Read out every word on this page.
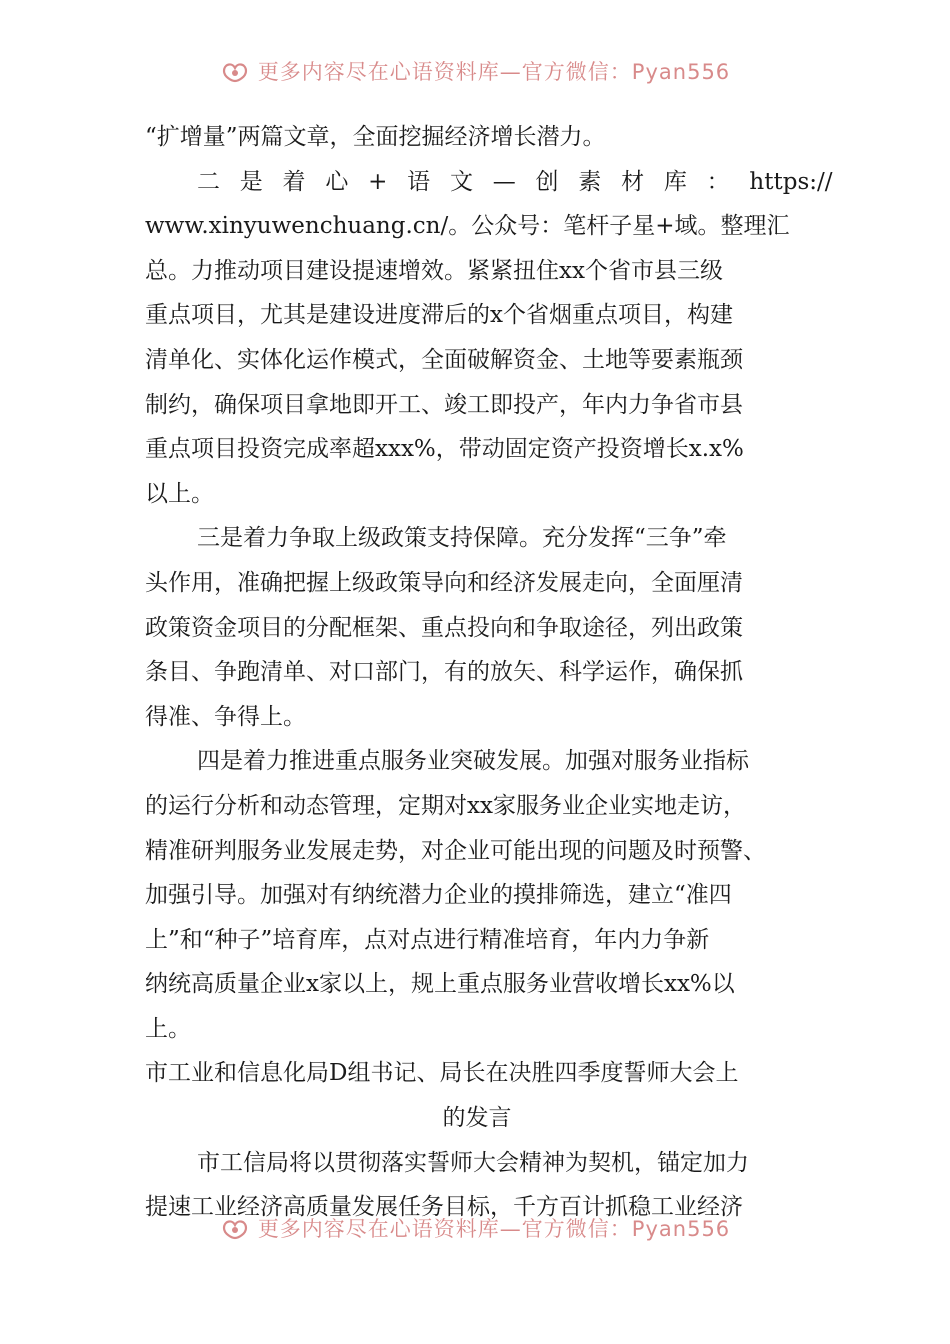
更多内容尽在心语资料库—官方微信：Pyan556
“扩增量”两篇文章，全面挖掘经济增长潜力。
二是着心+语文—创素材库： https://
www.xinyuwenchuang.cn/。公众号：笔杆子星+域。整理汇
总。力推动项目建设提速增效。紧紧扭住xx个省市县三级
重点项目，尤其是建设进度滞后的x个省烟重点项目，构建
清单化、实体化运作模式，全面破解资金、土地等要素瓶颈
制约，确保项目拿地即开工、竣工即投产，年内力争省市县
重点项目投资完成率超xxx%，带动固定资产投资增长x.x%
以上。
三是着力争取上级政策支持保障。充分发挥“三争”牵
头作用，准确把握上级政策导向和经济发展走向，全面厘清
政策资金项目的分配框架、重点投向和争取途径，列出政策
条目、争跑清单、对口部门，有的放矢、科学运作，确保抓
得准、争得上。
四是着力推进重点服务业突破发展。加强对服务业指标
的运行分析和动态管理，定期对xx家服务业企业实地走访，
精准研判服务业发展走势，对企业可能出现的问题及时预警、
加强引导。加强对有纳统潜力企业的摸排筛选，建立“准四
上”和“种子”培育库，点对点进行精准培育，年内力争新
纳统高质量企业x家以上，规上重点服务业营收增长xx%以
上。
市工业和信息化局D组书记、局长在决胜四季度誓师大会上
的发言
市工信局将以贯彻落实誓师大会精神为契机，锚定加力
提速工业经济高质量发展任务目标，千方百计抓稳工业经济
更多内容尽在心语资料库—官方微信：Pyan556
